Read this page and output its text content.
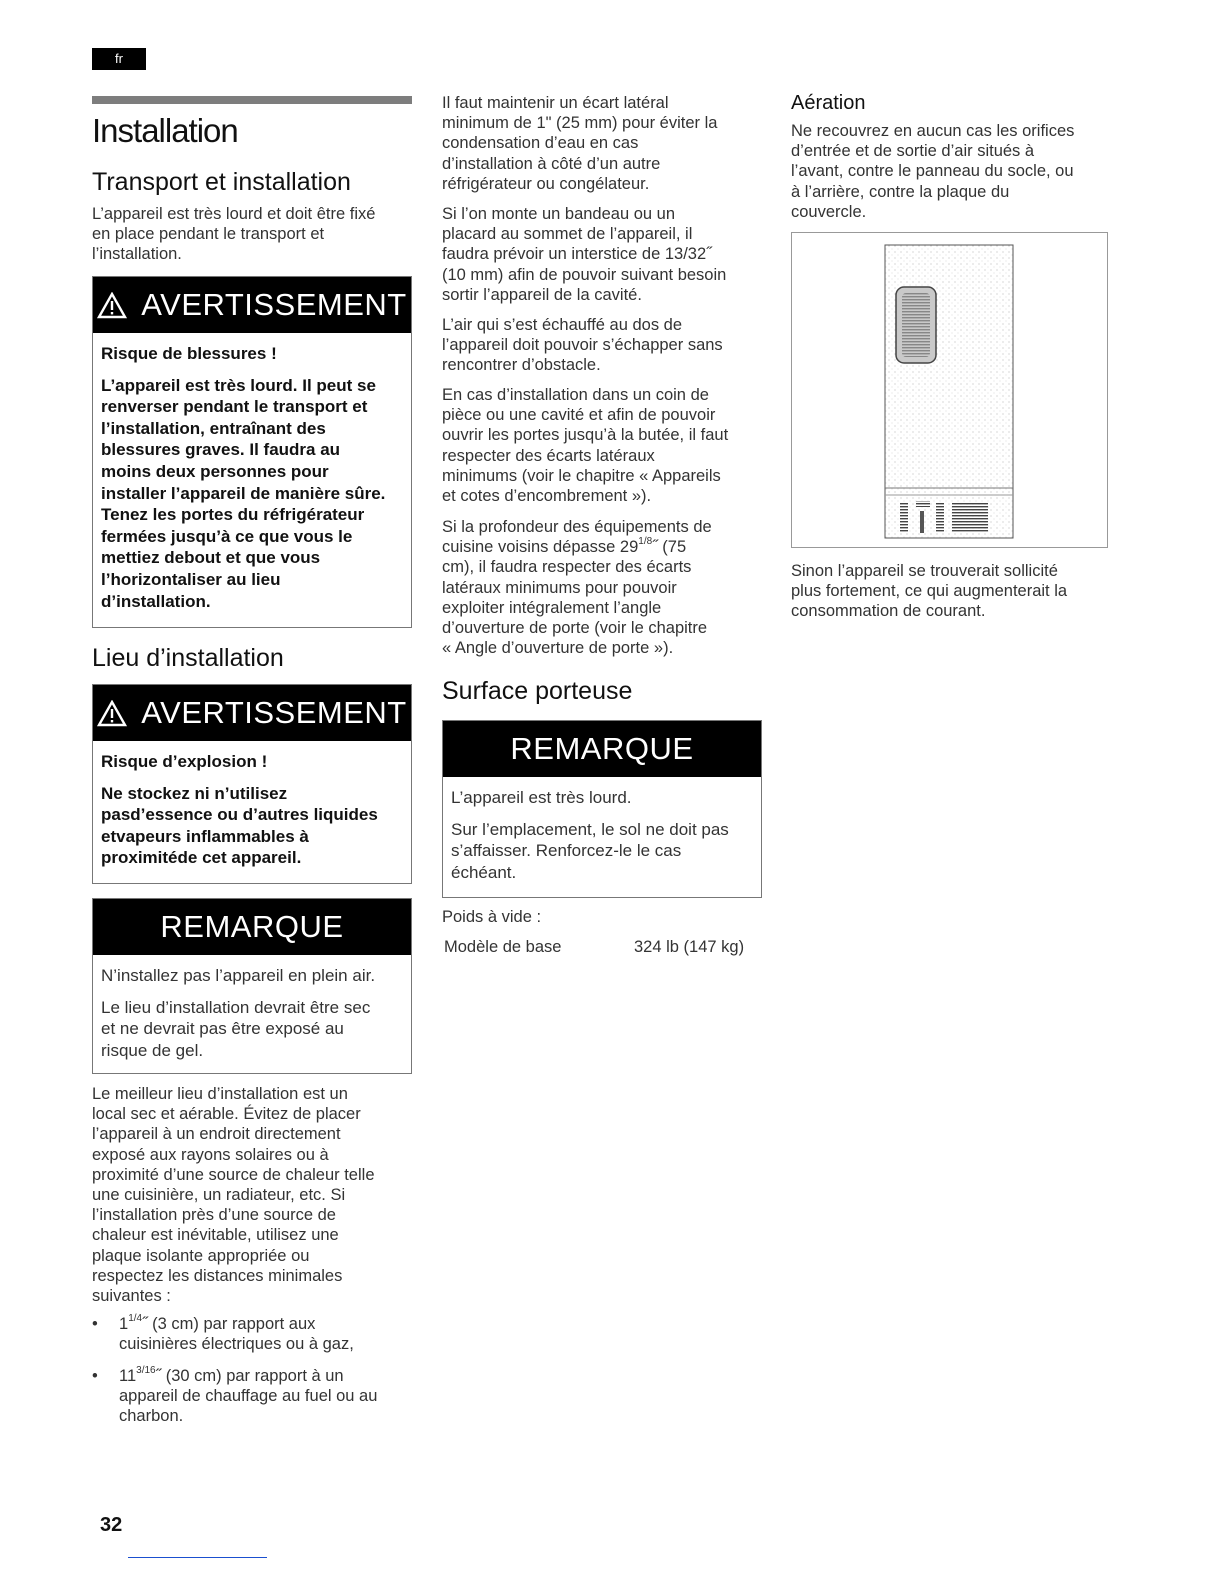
fr
Installation
Transport et installation
L’appareil est très lourd et doit être fixé
en place pendant le transport et
l’installation.
AVERTISSEMENT

Risque de blessures !

L’appareil est très lourd. Il peut se
renverser pendant le transport et
l’installation, entraînant des
blessures graves. Il faudra au
moins deux personnes pour
installer l’appareil de manière sûre.
Tenez les portes du réfrigérateur
fermées jusqu’à ce que vous le
mettiez debout et que vous
l’horizontaliser au lieu
d’installation.

Lieu d’installation
AVERTISSEMENT

Risque d’explosion !

Ne stockez ni n’utilisez
pasd’essence ou d’autres liquides
etvapeurs inflammables à
proximitéde cet appareil.

REMARQUE

N’installez pas l’appareil en plein air.

Le lieu d’installation devrait être sec
et ne devrait pas être exposé au
risque de gel.

Le meilleur lieu d’installation est un
local sec et aérable. Évitez de placer
l’appareil à un endroit directement
exposé aux rayons solaires ou à
proximité d’une source de chaleur telle
une cuisinière, un radiateur, etc. Si
l’installation près d’une source de
chaleur est inévitable, utilisez une
plaque isolante appropriée ou
respectez les distances minimales
suivantes :
• $1^{1/4}˝$ (3 cm) par rapport aux
cuisinières électriques ou à gaz,
• $11^{3/16}˝$ (30 cm) par rapport à un
appareil de chauffage au fuel ou au
charbon.
Il faut maintenir un écart latéral
minimum de 1" (25 mm) pour éviter la
condensation d’eau en cas
d’installation à côté d’un autre
réfrigérateur ou congélateur.
Si l’on monte un bandeau ou un
placard au sommet de l’appareil, il
faudra prévoir un interstice de 13/32˝
(10 mm) afin de pouvoir suivant besoin
sortir l’appareil de la cavité.
L’air qui s’est échauffé au dos de
l’appareil doit pouvoir s’échapper sans
rencontrer d’obstacle.
En cas d’installation dans un coin de
pièce ou une cavité et afin de pouvoir
ouvrir les portes jusqu’à la butée, il faut
respecter des écarts latéraux
minimums (voir le chapitre « Appareils
et cotes d’encombrement »).
Si la profondeur des équipements de
cuisine voisins dépasse $29^{1/8}˝$ (75
cm), il faudra respecter des écarts
latéraux minimums pour pouvoir
exploiter intégralement l’angle
d’ouverture de porte (voir le chapitre
« Angle d’ouverture de porte »).
Surface porteuse
REMARQUE

L’appareil est très lourd.

Sur l’emplacement, le sol ne doit pas
s’affaisser. Renforcez-le le cas
échéant.

Poids à vide :
Modèle de base	324 lb (147 kg)
Aération
Ne recouvrez en aucun cas les orifices
d’entrée et de sortie d’air situés à
l’avant, contre le panneau du socle, ou
à l’arrière, contre la plaque du
couvercle.
Sinon l’appareil se trouverait sollicité
plus fortement, ce qui augmenterait la
consommation de courant.
32
